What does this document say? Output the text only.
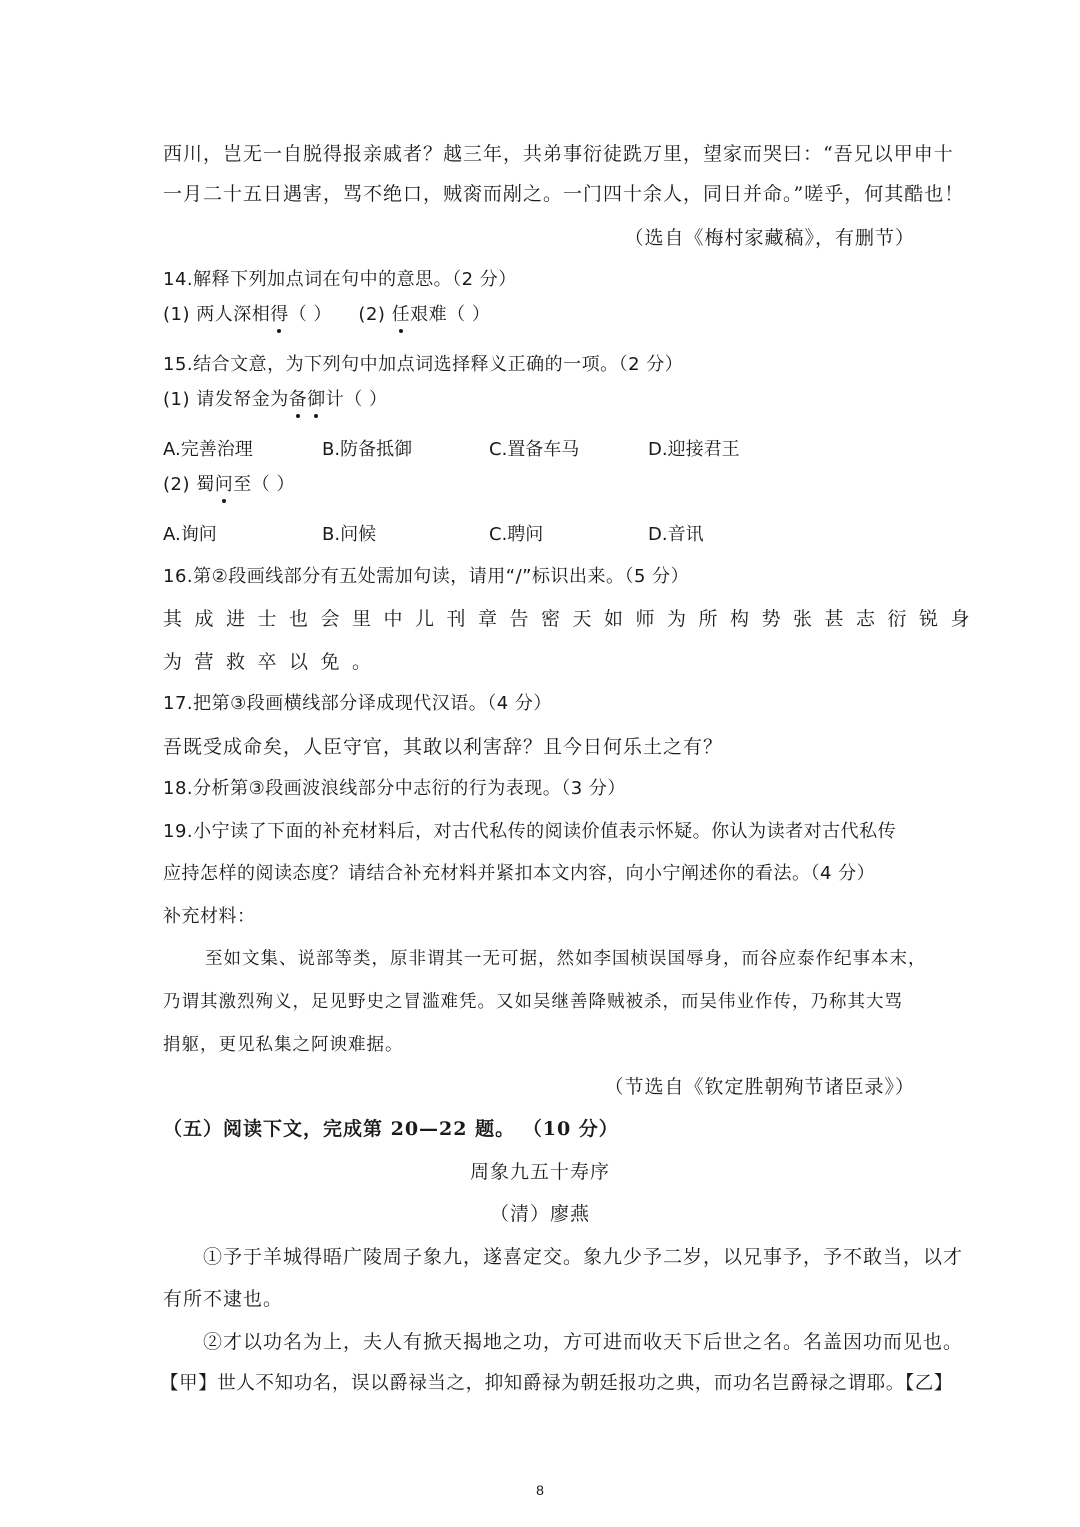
西川，岂无一自脱得报亲戚者？越三年，共弟事衍徒跣万里，望家而哭曰：“吾兄以甲申十
一月二十五日遇害，骂不绝口，贼脔而剐之。一门四十余人，同日并命。”嗟乎，何其酷也！
（选自《梅村家藏稿》，有删节）
14.解释下列加点词在句中的意思。（2 分）
(1) 两人深相得（ ） (2) 任艰难（ ）
15.结合文意，为下列句中加点词选择释义正确的一项。（2 分）
(1) 请发帑金为备御计（ ）
A.完善治理	B.防备抵御	C.置备车马	D.迎接君王
(2) 蜀问至（ ）
A.询问	B.问候	C.聘问	D.音讯
16.第②段画线部分有五处需加句读，请用“/”标识出来。（5 分）
其成进士也会里中儿刊章告密天如师为所构势张甚志衍锐身
为营救卒以免。
17.把第③段画横线部分译成现代汉语。（4 分）
吾既受成命矣，人臣守官，其敢以利害辞？且今日何乐土之有？
18.分析第③段画波浪线部分中志衍的行为表现。（3 分）
19.小宁读了下面的补充材料后，对古代私传的阅读价值表示怀疑。你认为读者对古代私传
应持怎样的阅读态度？请结合补充材料并紧扣本文内容，向小宁阐述你的看法。（4 分）
补充材料：
至如文集、说部等类，原非谓其一无可据，然如李国桢误国辱身，而谷应泰作纪事本末，
乃谓其激烈殉义，足见野史之冒滥难凭。又如吴继善降贼被杀，而吴伟业作传，乃称其大骂
捐躯，更见私集之阿谀难据。
（节选自《钦定胜朝殉节诸臣录》）
（五）阅读下文，完成第 20—22 题。 （10 分）
周象九五十寿序
（清）廖燕
①予于羊城得晤广陵周子象九，遂喜定交。象九少予二岁，以兄事予，予不敢当，以才
有所不逮也。
②才以功名为上，夫人有掀天揭地之功，方可进而收天下后世之名。名盖因功而见也。
【甲】世人不知功名，误以爵禄当之，抑知爵禄为朝廷报功之典，而功名岂爵禄之谓耶。【乙】
8
